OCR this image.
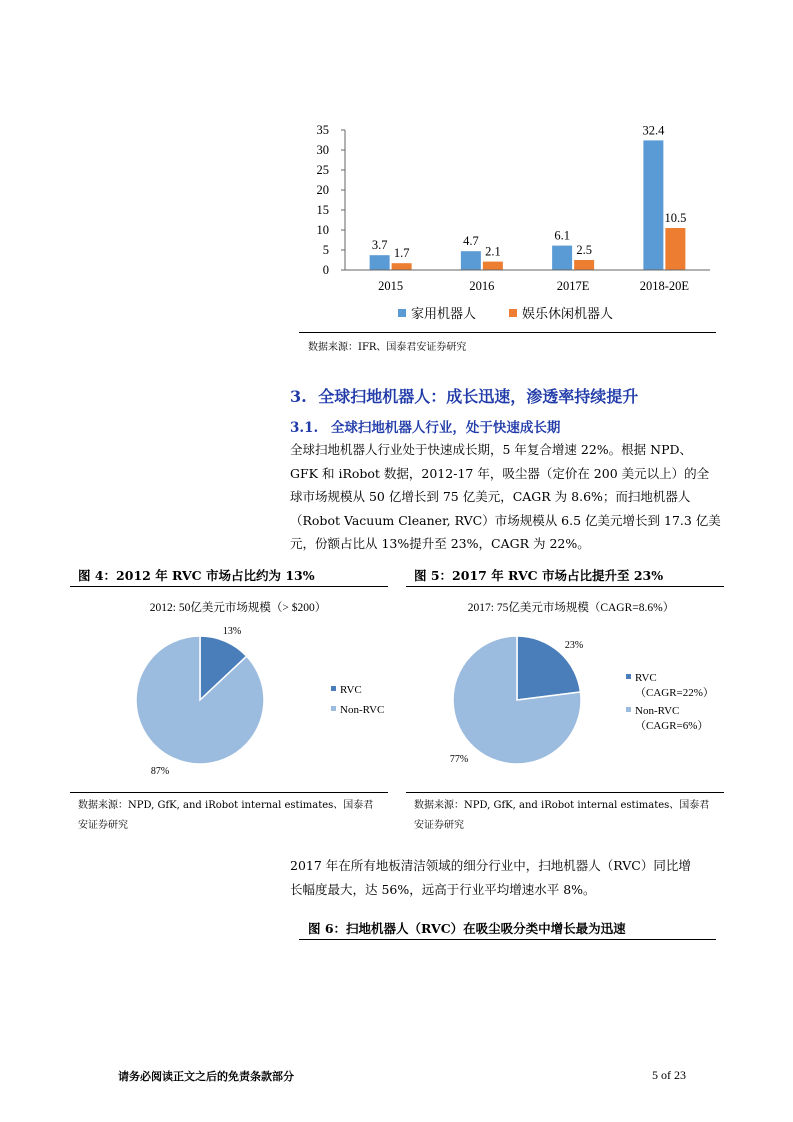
0
5
10
15
20
25
30
35
3.7
1.7
2015
4.7
2.1
2016
6.1
2.5
2017E
32.4
10.5
2018-20E
家用机器人	娱乐休闲机器人
数据来源：IFR、国泰君安证券研究
3. 全球扫地机器人：成长迅速，渗透率持续提升
3.1. 全球扫地机器人行业，处于快速成长期
全球扫地机器人行业处于快速成长期，5 年复合增速 22%。根据 NPD、
GFK 和 iRobot 数据，2012-17 年，吸尘器（定价在 200 美元以上）的全
球市场规模从 50 亿增长到 75 亿美元，CAGR 为 8.6%；而扫地机器人
（Robot Vacuum Cleaner, RVC）市场规模从 6.5 亿美元增长到 17.3 亿美
元，份额占比从 13%提升至 23%，CAGR 为 22%。
图 4：2012 年 RVC 市场占比约为 13%
2012: 50亿美元市场规模（> $200）
13%
87%
RVC
Non-RVC
数据来源：NPD, GfK, and iRobot internal estimates、国泰君
安证券研究
图 5：2017 年 RVC 市场占比提升至 23%
2017: 75亿美元市场规模（CAGR=8.6%）
23%
77%
RVC
（CAGR=22%）
Non-RVC
（CAGR=6%）
数据来源：NPD, GfK, and iRobot internal estimates、国泰君
安证券研究
2017 年在所有地板清洁领域的细分行业中，扫地机器人（RVC）同比增
长幅度最大，达 56%，远高于行业平均增速水平 8%。
图 6：扫地机器人（RVC）在吸尘吸分类中增长最为迅速
请务必阅读正文之后的免责条款部分	5 of 23
